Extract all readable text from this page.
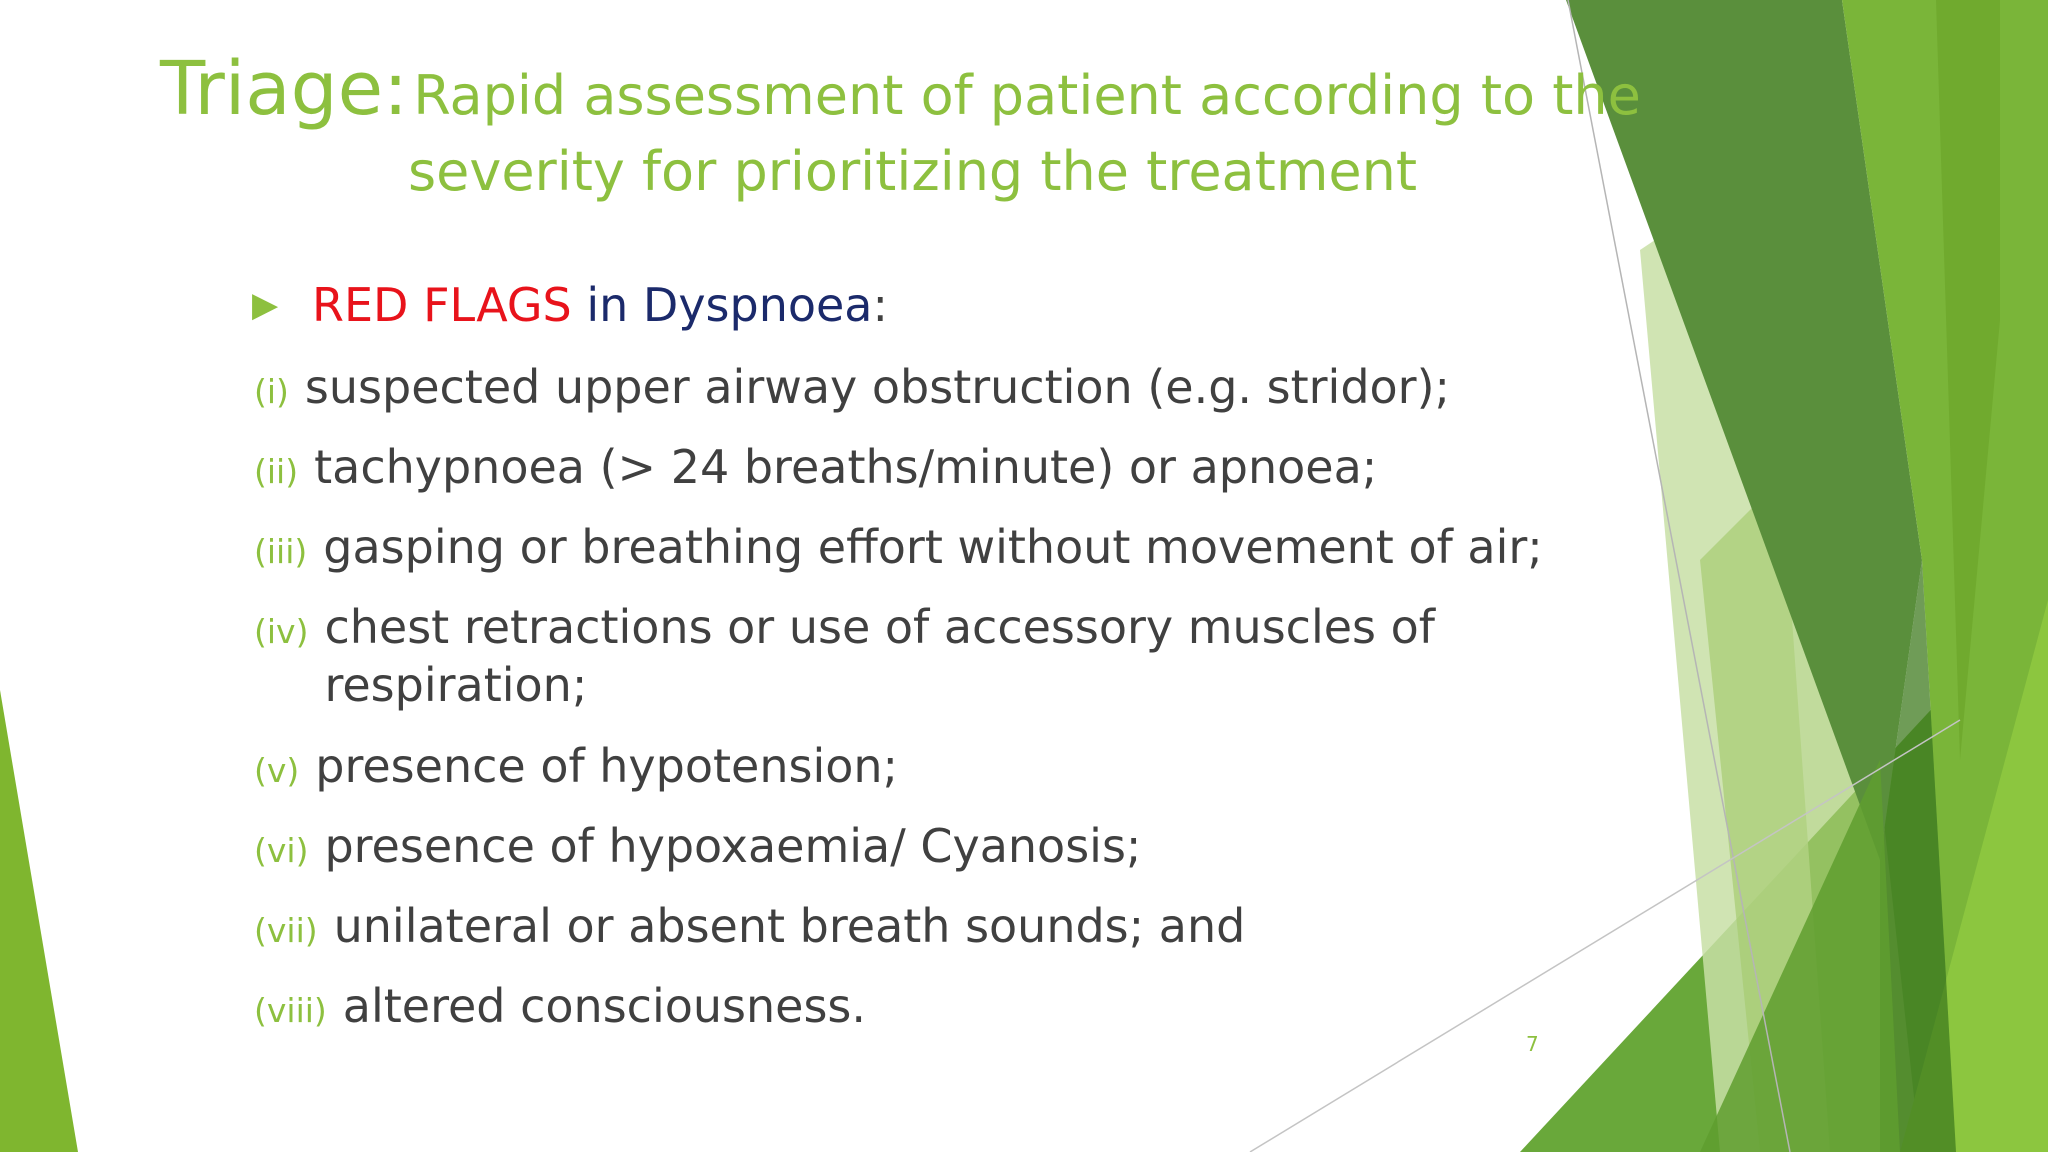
Triage: Rapid assessment of patient according to the
severity for prioritizing the treatment
▶ RED FLAGS in Dyspnoea:
(i) suspected upper airway obstruction (e.g. stridor);
(ii) tachypnoea (> 24 breaths/minute) or apnoea;
(iii) gasping or breathing effort without movement of air;
(iv) chest retractions or use of accessory muscles of
respiration;
(v) presence of hypotension;
(vi) presence of hypoxaemia/ Cyanosis;
(vii) unilateral or absent breath sounds; and
(viii) altered consciousness.
7
